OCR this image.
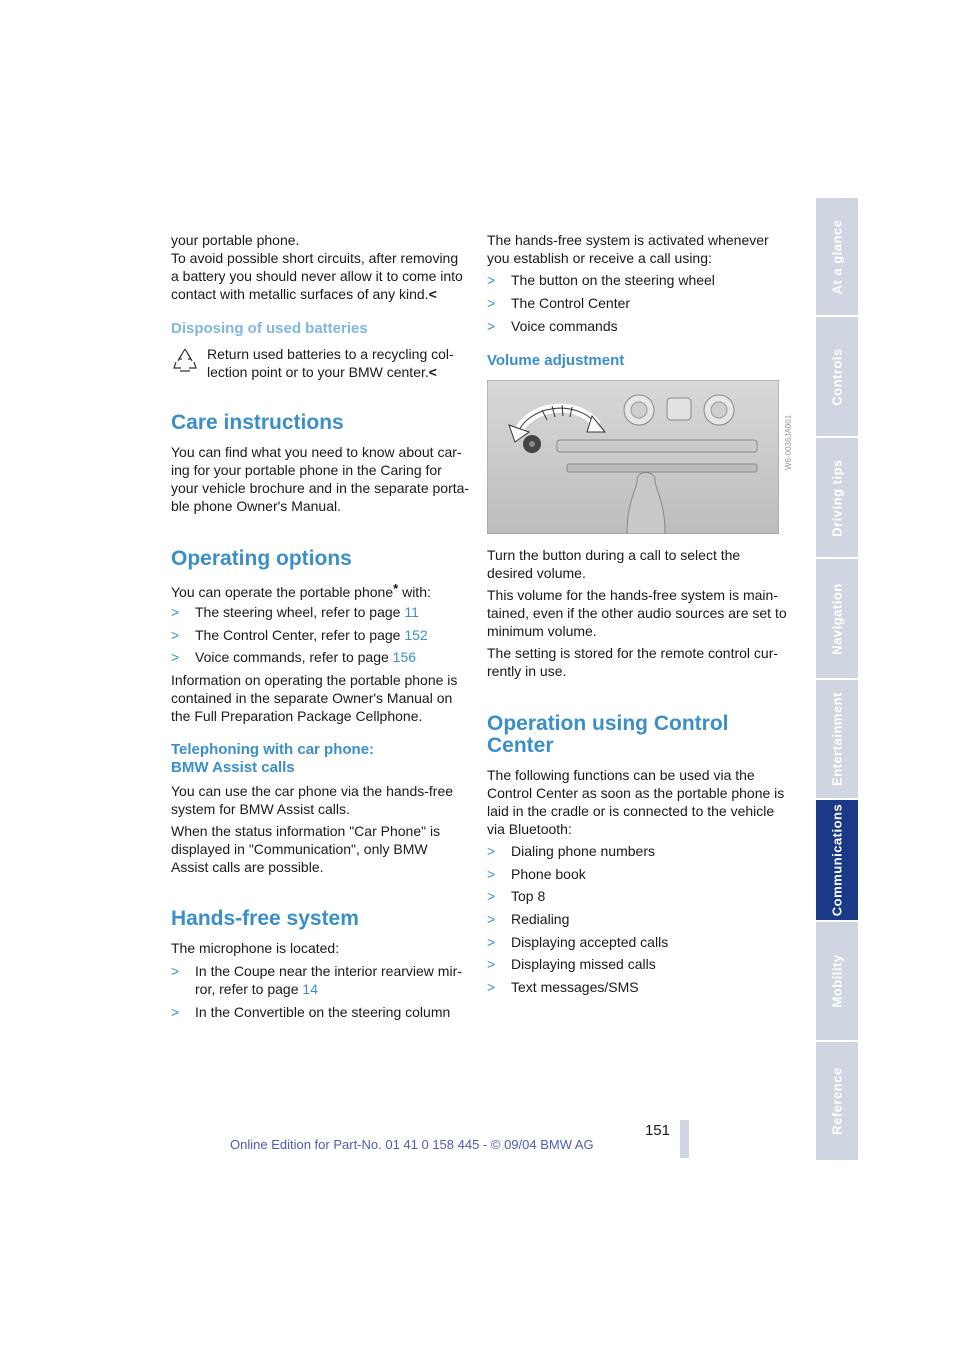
your portable phone.

To avoid possible short circuits, after removing

a battery you should never allow it to come into

contact with metallic surfaces of any kind.<

Disposing of used batteries

Return used batteries to a recycling col-

lection point or to your BMW center.<

Care instructions

You can find what you need to know about car-

ing for your portable phone in the Caring for

your vehicle brochure and in the separate porta-

ble phone Owner's Manual.

Operating options

You can operate the portable phone* with:

> The steering wheel, refer to page 11
> The Control Center, refer to page 152
> Voice commands, refer to page 156

Information on operating the portable phone is

contained in the separate Owner's Manual on

the Full Preparation Package Cellphone.

Telephoning with car phone:
BMW Assist calls

You can use the car phone via the hands-free

system for BMW Assist calls.

When the status information "Car Phone" is

displayed in "Communication", only BMW

Assist calls are possible.

Hands-free system

The microphone is located:

> In the Coupe near the interior rearview mir-
ror, refer to page 14
> In the Convertible on the steering column

The hands-free system is activated whenever

you establish or receive a call using:

> The button on the steering wheel
> The Control Center
> Voice commands
Volume adjustment
W6-0036JA001

Turn the button during a call to select the

desired volume.

This volume for the hands-free system is main-

tained, even if the other audio sources are set to

minimum volume.

The setting is stored for the remote control cur-

rently in use.

Operation using Control
Center

The following functions can be used via the

Control Center as soon as the portable phone is

laid in the cradle or is connected to the vehicle

via Bluetooth:

> Dialing phone numbers
> Phone book
> Top 8
> Redialing
> Displaying accepted calls
> Displaying missed calls
> Text messages/SMS
At a glance
Controls
Driving tips
Navigation
Entertainment
Communications
Mobility
Reference
151
Online Edition for Part-No. 01 41 0 158 445 - © 09/04 BMW AG
